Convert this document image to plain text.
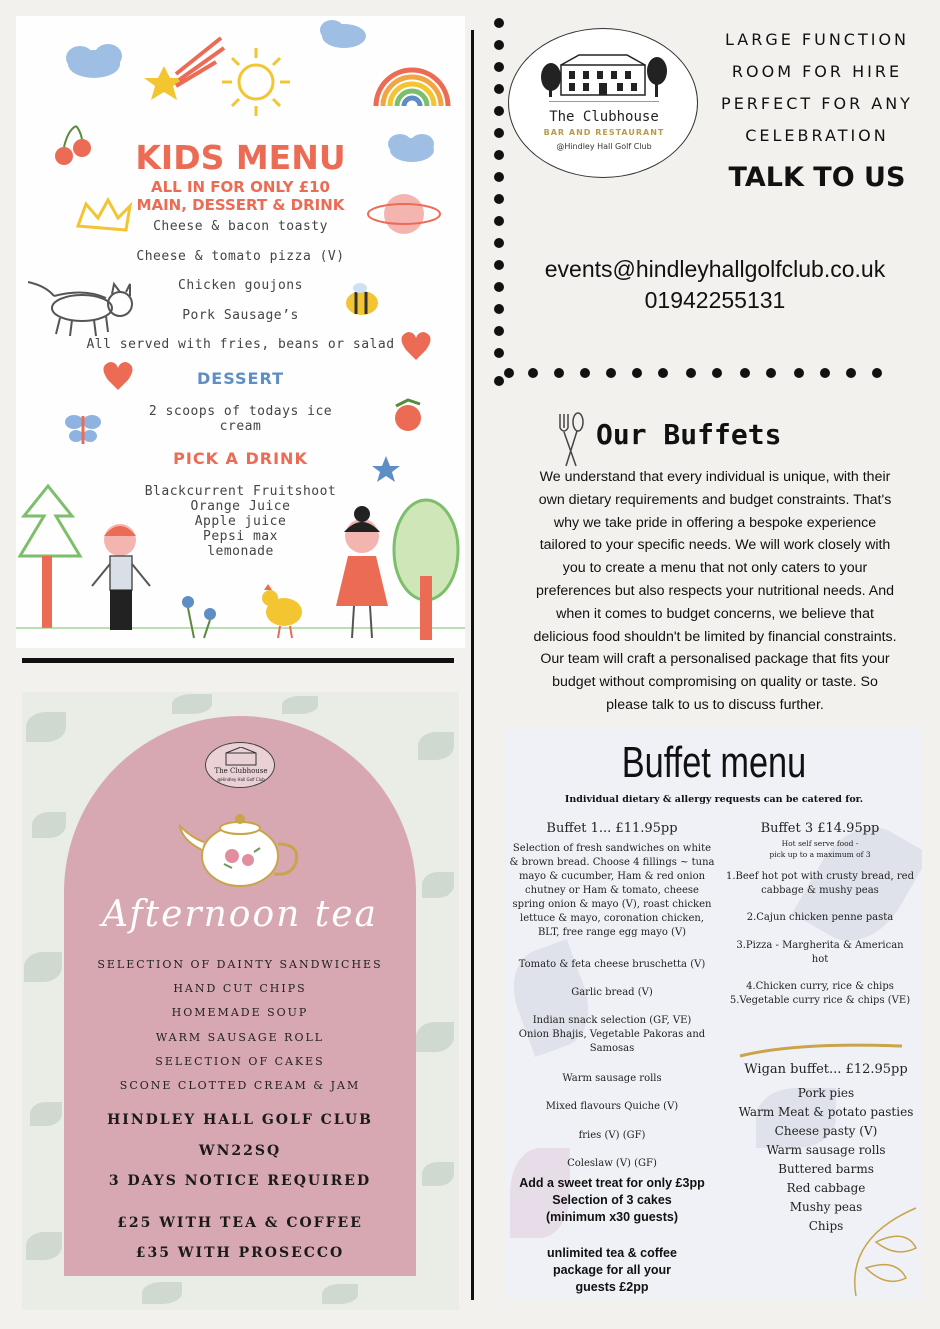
KIDS MENU
ALL IN FOR ONLY £10
MAIN, DESSERT & DRINK
Cheese & bacon toasty
Cheese & tomato pizza (V)
Chicken goujons
Pork Sausage’s
All served with fries, beans or salad
DESSERT
2 scoops of todays ice
cream
PICK A DRINK
Blackcurrent Fruitshoot
Orange Juice
Apple juice
Pepsi max
lemonade
The Clubhouse
@Hindley Hall Golf Club
Afternoon tea
SELECTION OF DAINTY SANDWICHES
HAND CUT CHIPS
HOMEMADE SOUP
WARM SAUSAGE ROLL
SELECTION OF CAKES
SCONE CLOTTED CREAM & JAM
HINDLEY HALL GOLF CLUB
WN22SQ
3 DAYS NOTICE REQUIRED
£25 WITH TEA & COFFEE
£35 WITH PROSECCO
The Clubhouse
BAR AND RESTAURANT
@Hindley Hall Golf Club
LARGE FUNCTION
ROOM FOR HIRE
PERFECT FOR ANY
CELEBRATION
TALK TO US
events@hindleyhallgolfclub.co.uk
01942255131
Our Buffets
We understand that every individual is unique, with their
own dietary requirements and budget constraints. That's
why we take pride in offering a bespoke experience
tailored to your specific needs. We will work closely with
you to create a menu that not only caters to your
preferences but also respects your nutritional needs. And
when it comes to budget concerns, we believe that
delicious food shouldn't be limited by financial constraints.
Our team will craft a personalised package that fits your
budget without compromising on quality or taste. So
please talk to us to discuss further.
Buffet menu
Individual dietary & allergy requests can be catered for.
Buffet 1... £11.95pp
Selection of fresh sandwiches on white
& brown bread. Choose 4 fillings ~ tuna
mayo & cucumber, Ham & red onion
chutney or Ham & tomato, cheese
spring onion & mayo (V), roast chicken
lettuce & mayo, coronation chicken,
BLT, free range egg mayo (V)
Tomato & feta cheese bruschetta (V)
Garlic bread (V)
Indian snack selection (GF, VE)
Onion Bhajis, Vegetable Pakoras and
Samosas
Warm sausage rolls
Mixed flavours Quiche (V)
fries (V) (GF)
Coleslaw (V) (GF)
Add a sweet treat for only £3pp
Selection of 3 cakes
(minimum x30 guests)
unlimited tea & coffee
package for all your
guests £2pp
Buffet 3 £14.95pp
Hot self serve food -
pick up to a maximum of 3
1.Beef hot pot with crusty bread, red
cabbage & mushy peas
2.Cajun chicken penne pasta
3.Pizza - Margherita & American
hot
4.Chicken curry, rice & chips
5.Vegetable curry rice & chips (VE)
Wigan buffet... £12.95pp
Pork pies
Warm Meat & potato pasties
Cheese pasty (V)
Warm sausage rolls
Buttered barms
Red cabbage
Mushy peas
Chips
